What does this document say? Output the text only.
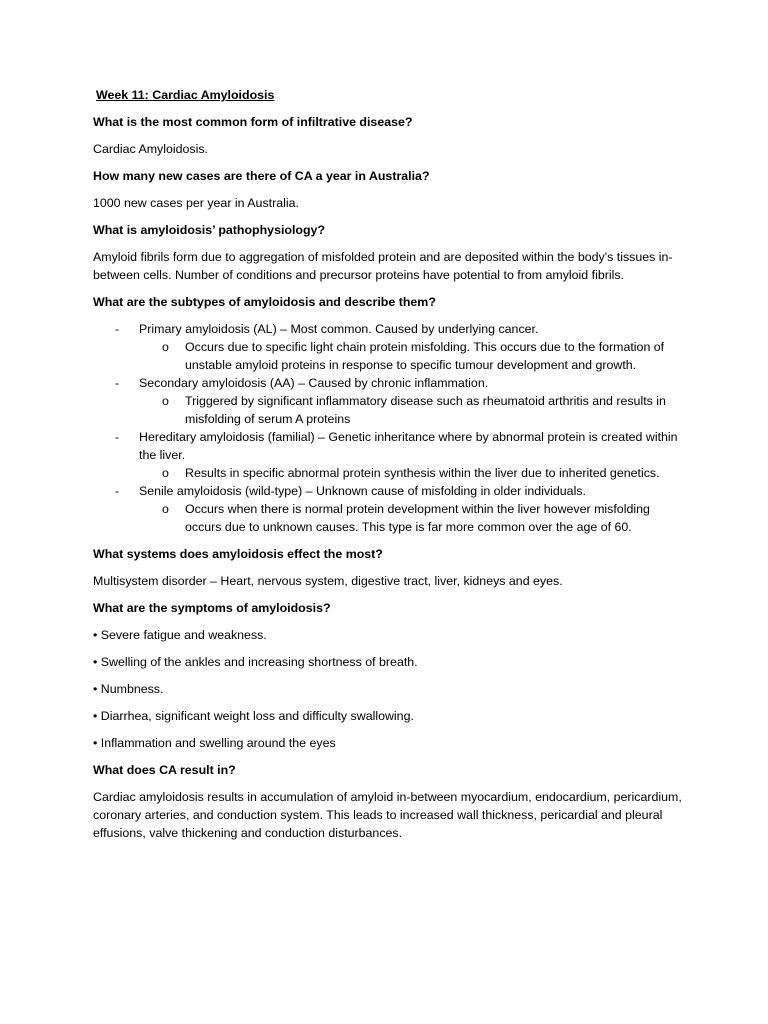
Week 11: Cardiac Amyloidosis

What is the most common form of infiltrative disease?

Cardiac Amyloidosis.

How many new cases are there of CA a year in Australia?

1000 new cases per year in Australia.

What is amyloidosis’ pathophysiology?

Amyloid fibrils form due to aggregation of misfolded protein and are deposited within the body's tissues in-between cells. Number of conditions and precursor proteins have potential to from amyloid fibrils.

What are the subtypes of amyloidosis and describe them?

- Primary amyloidosis (AL) – Most common. Caused by underlying cancer.
o Occurs due to specific light chain protein misfolding. This occurs due to the formation of unstable amyloid proteins in response to specific tumour development and growth.
- Secondary amyloidosis (AA) – Caused by chronic inflammation.
o Triggered by significant inflammatory disease such as rheumatoid arthritis and results in misfolding of serum A proteins
- Hereditary amyloidosis (familial) – Genetic inheritance where by abnormal protein is created within the liver.
o Results in specific abnormal protein synthesis within the liver due to inherited genetics.
- Senile amyloidosis (wild-type) – Unknown cause of misfolding in older individuals.
o Occurs when there is normal protein development within the liver however misfolding occurs due to unknown causes. This type is far more common over the age of 60.

What systems does amyloidosis effect the most?

Multisystem disorder – Heart, nervous system, digestive tract, liver, kidneys and eyes.

What are the symptoms of amyloidosis?

• Severe fatigue and weakness.

• Swelling of the ankles and increasing shortness of breath.

• Numbness.

• Diarrhea, significant weight loss and difficulty swallowing.

• Inflammation and swelling around the eyes

What does CA result in?

Cardiac amyloidosis results in accumulation of amyloid in-between myocardium, endocardium, pericardium, coronary arteries, and conduction system. This leads to increased wall thickness, pericardial and pleural effusions, valve thickening and conduction disturbances.
